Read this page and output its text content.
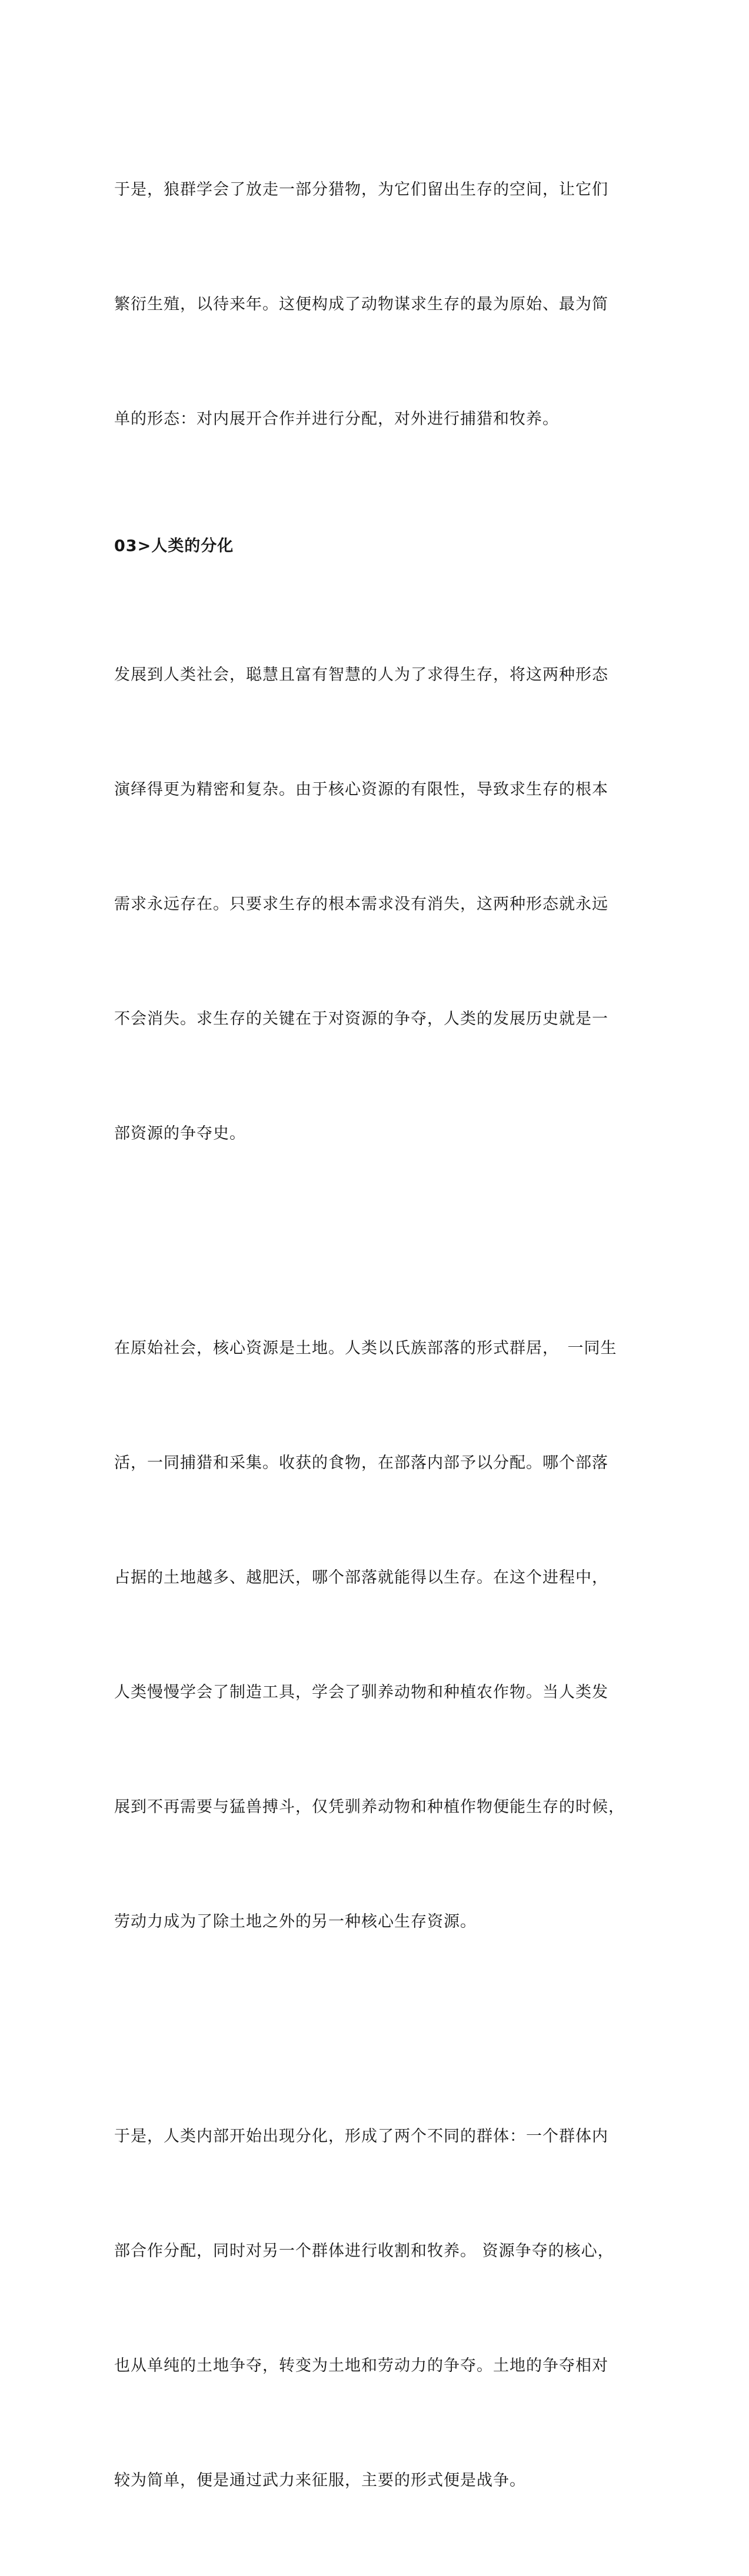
于是，狼群学会了放走一部分猎物，为它们留出生存的空间，让它们

繁衍生殖，以待来年。这便构成了动物谋求生存的最为原始、最为简

单的形态：对内展开合作并进行分配，对外进行捕猎和牧养。

03>人类的分化

发展到人类社会，聪慧且富有智慧的人为了求得生存，将这两种形态

演绎得更为精密和复杂。由于核心资源的有限性，导致求生存的根本

需求永远存在。只要求生存的根本需求没有消失，这两种形态就永远

不会消失。求生存的关键在于对资源的争夺，人类的发展历史就是一

部资源的争夺史。

在原始社会，核心资源是土地。人类以氏族部落的形式群居，　一同生

活，一同捕猎和采集。收获的食物，在部落内部予以分配。哪个部落

占据的土地越多、越肥沃，哪个部落就能得以生存。在这个进程中，

人类慢慢学会了制造工具，学会了驯养动物和种植农作物。当人类发

展到不再需要与猛兽搏斗，仅凭驯养动物和种植作物便能生存的时候，

劳动力成为了除土地之外的另一种核心生存资源。

于是，人类内部开始出现分化，形成了两个不同的群体：一个群体内

部合作分配，同时对另一个群体进行收割和牧养。 资源争夺的核心，

也从单纯的土地争夺，转变为土地和劳动力的争夺。土地的争夺相对

较为简单，便是通过武力来征服，主要的形式便是战争。
